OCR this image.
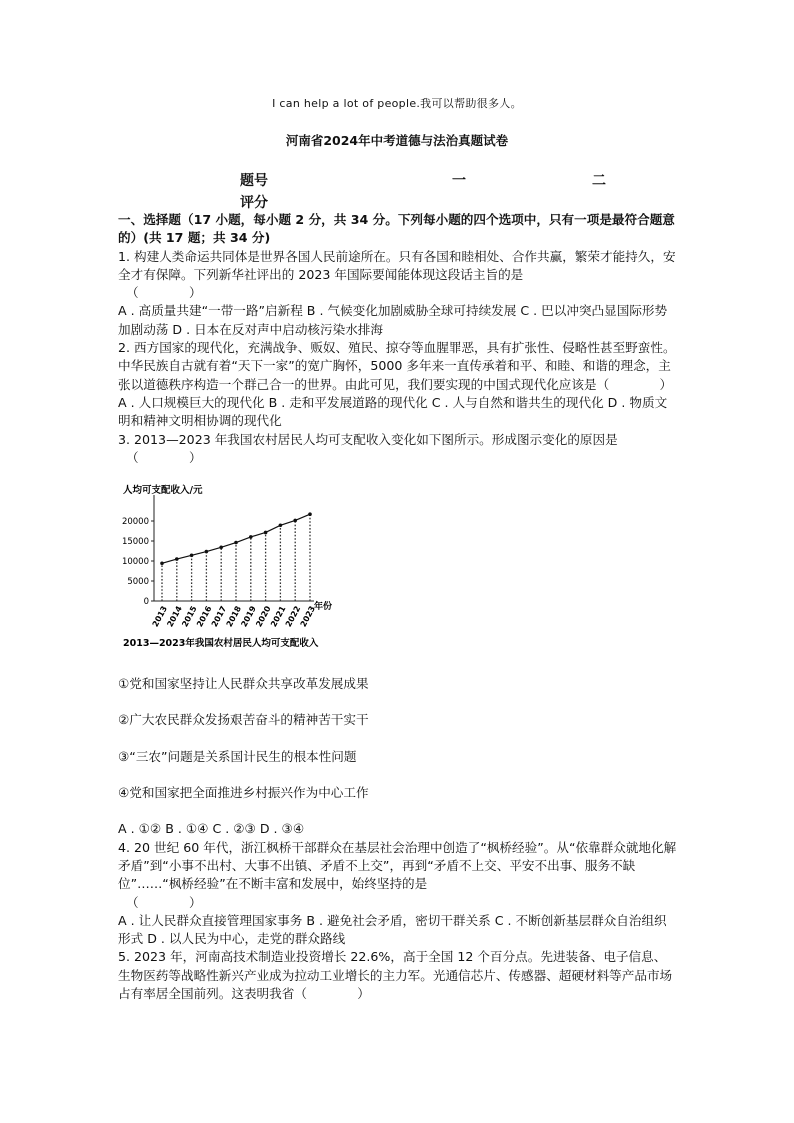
I can help a lot of people.我可以帮助很多人。
河南省2024年中考道德与法治真题试卷
题号	一	二
评分

一、选择题（17 小题，每小题 2 分，共 34 分。下列每小题的四个选项中，只有一项是最符合题意的）(共 17 题；共 34 分)

1. 构建人类命运共同体是世界各国人民前途所在。只有各国和睦相处、合作共赢，繁荣才能持久，安全才有保障。下列新华社评出的 2023 年国际要闻能体现这段话主旨的是

（　　　　）

A . 高质量共建“一带一路”启新程 B . 气候变化加剧威胁全球可持续发展 C . 巴以冲突凸显国际形势加剧动荡 D . 日本在反对声中启动核污染水排海

2. 西方国家的现代化，充满战争、贩奴、殖民、掠夺等血腥罪恶，具有扩张性、侵略性甚至野蛮性。中华民族自古就有着“天下一家”的宽广胸怀，5000 多年来一直传承着和平、和睦、和谐的理念，主张以道德秩序构造一个群己合一的世界。由此可见，我们要实现的中国式现代化应该是（　　　　）

A . 人口规模巨大的现代化 B . 走和平发展道路的现代化 C . 人与自然和谐共生的现代化 D . 物质文明和精神文明相协调的现代化

3. 2013—2023 年我国农村居民人均可支配收入变化如下图所示。形成图示变化的原因是

（　　　　）

人均可支配收入/元
年份
2013—2023年我国农村居民人均可支配收入
0
5000
10000
15000
20000
2013
2014
2015
2016
2017
2018
2019
2020
2021
2022
2023

①党和国家坚持让人民群众共享改革发展成果

②广大农民群众发扬艰苦奋斗的精神苦干实干

③“三农”问题是关系国计民生的根本性问题

④党和国家把全面推进乡村振兴作为中心工作

A . ①② B . ①④ C . ②③ D . ③④

4. 20 世纪 60 年代，浙江枫桥干部群众在基层社会治理中创造了“枫桥经验”。从“依靠群众就地化解矛盾”到“小事不出村、大事不出镇、矛盾不上交”，再到“矛盾不上交、平安不出事、服务不缺位”……“枫桥经验”在不断丰富和发展中，始终坚持的是

（　　　　）

A . 让人民群众直接管理国家事务 B . 避免社会矛盾，密切干群关系 C . 不断创新基层群众自治组织形式 D . 以人民为中心，走党的群众路线

5. 2023 年，河南高技术制造业投资增长 22.6%，高于全国 12 个百分点。先进装备、电子信息、生物医药等战略性新兴产业成为拉动工业增长的主力军。光通信芯片、传感器、超硬材料等产品市场占有率居全国前列。这表明我省（　　　　）
